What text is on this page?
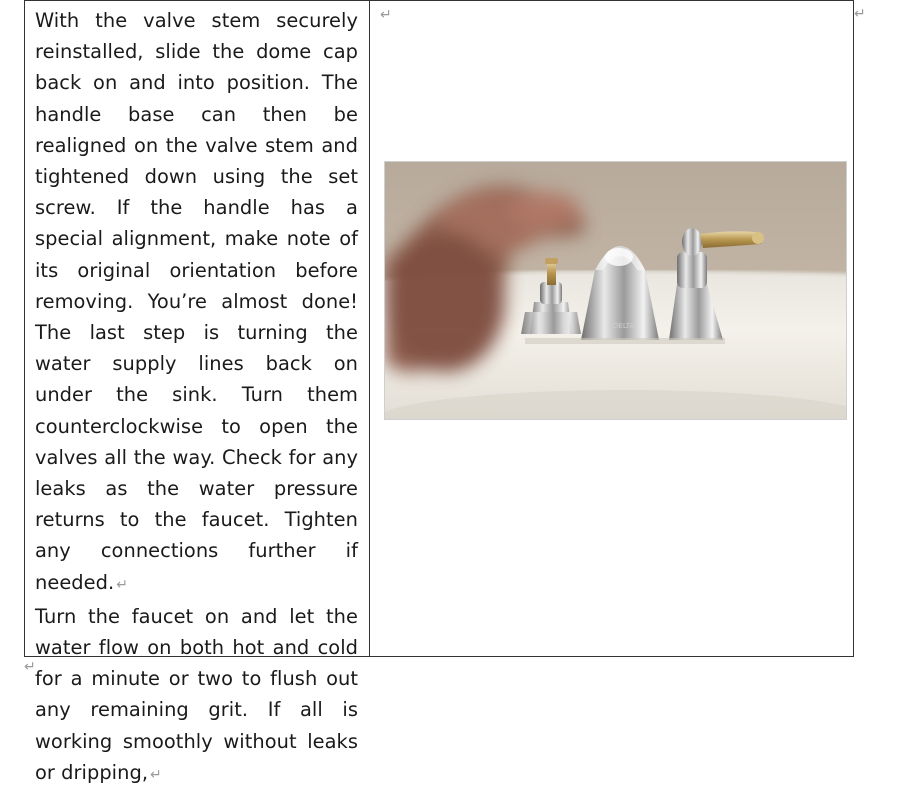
With the valve stem securely reinstalled, slide the dome cap back on and into position. The handle base can then be realigned on the valve stem and tightened down using the set screw. If the handle has a special alignment, make note of its original orientation before removing. You’re almost done! The last step is turning the water supply lines back on under the sink. Turn them counterclockwise to open the valves all the way. Check for any leaks as the water pressure returns to the faucet. Tighten any connections further if needed. ↵

Turn the faucet on and let the water flow on both hot and cold for a minute or two to flush out any remaining grit. If all is working smoothly without leaks or dripping, ↵

↵	↵
↵
DELTA
